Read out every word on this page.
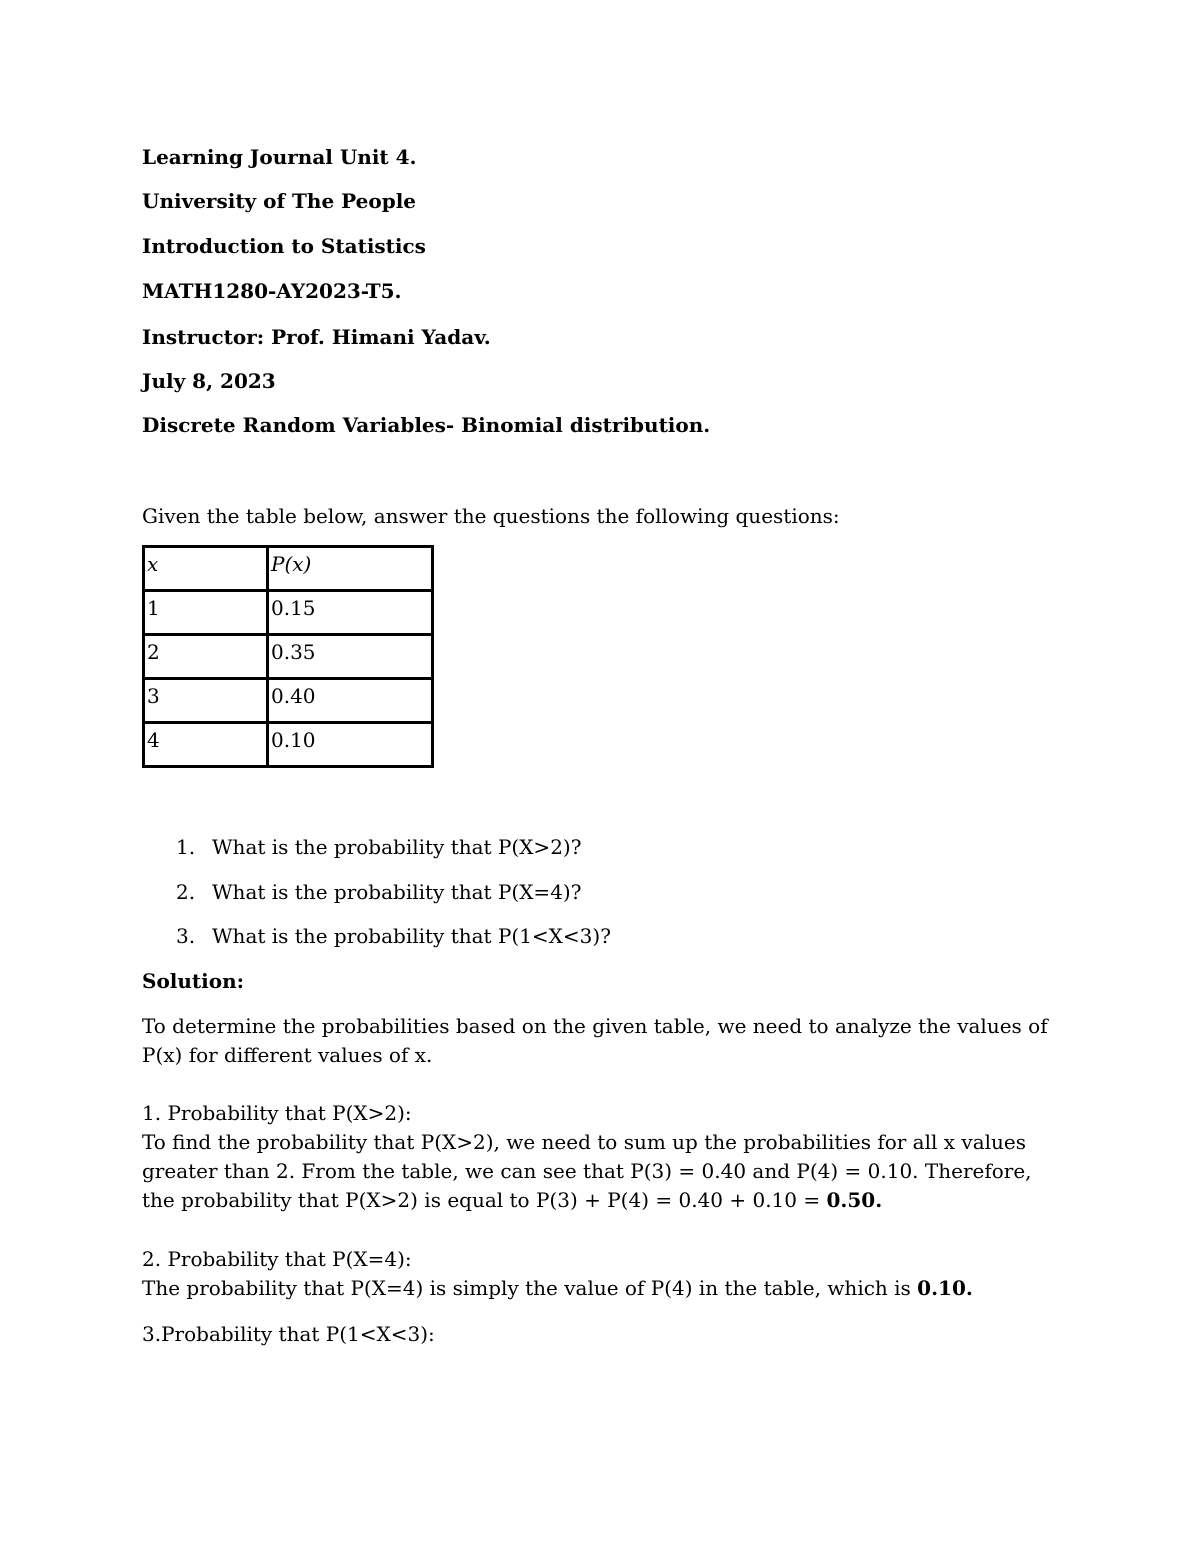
Learning Journal Unit 4.

University of The People

Introduction to Statistics

MATH1280-AY2023-T5.

Instructor: Prof. Himani Yadav.

July 8, 2023

Discrete Random Variables- Binomial distribution.

Given the table below, answer the questions the following questions:

x	P(x)
1	0.15
2	0.35
3	0.40
4	0.10
1. What is the probability that P(X>2)?
2. What is the probability that P(X=4)?
3. What is the probability that P(1<X<3)?

Solution:

To determine the probabilities based on the given table, we need to analyze the values of P(x) for different values of x.

1. Probability that P(X>2):

To find the probability that P(X>2), we need to sum up the probabilities for all x values greater than 2. From the table, we can see that P(3) = 0.40 and P(4) = 0.10. Therefore, the probability that P(X>2) is equal to P(3) + P(4) = 0.40 + 0.10 = 0.50.

2. Probability that P(X=4):

The probability that P(X=4) is simply the value of P(4) in the table, which is 0.10.

3.Probability that P(1<X<3):
